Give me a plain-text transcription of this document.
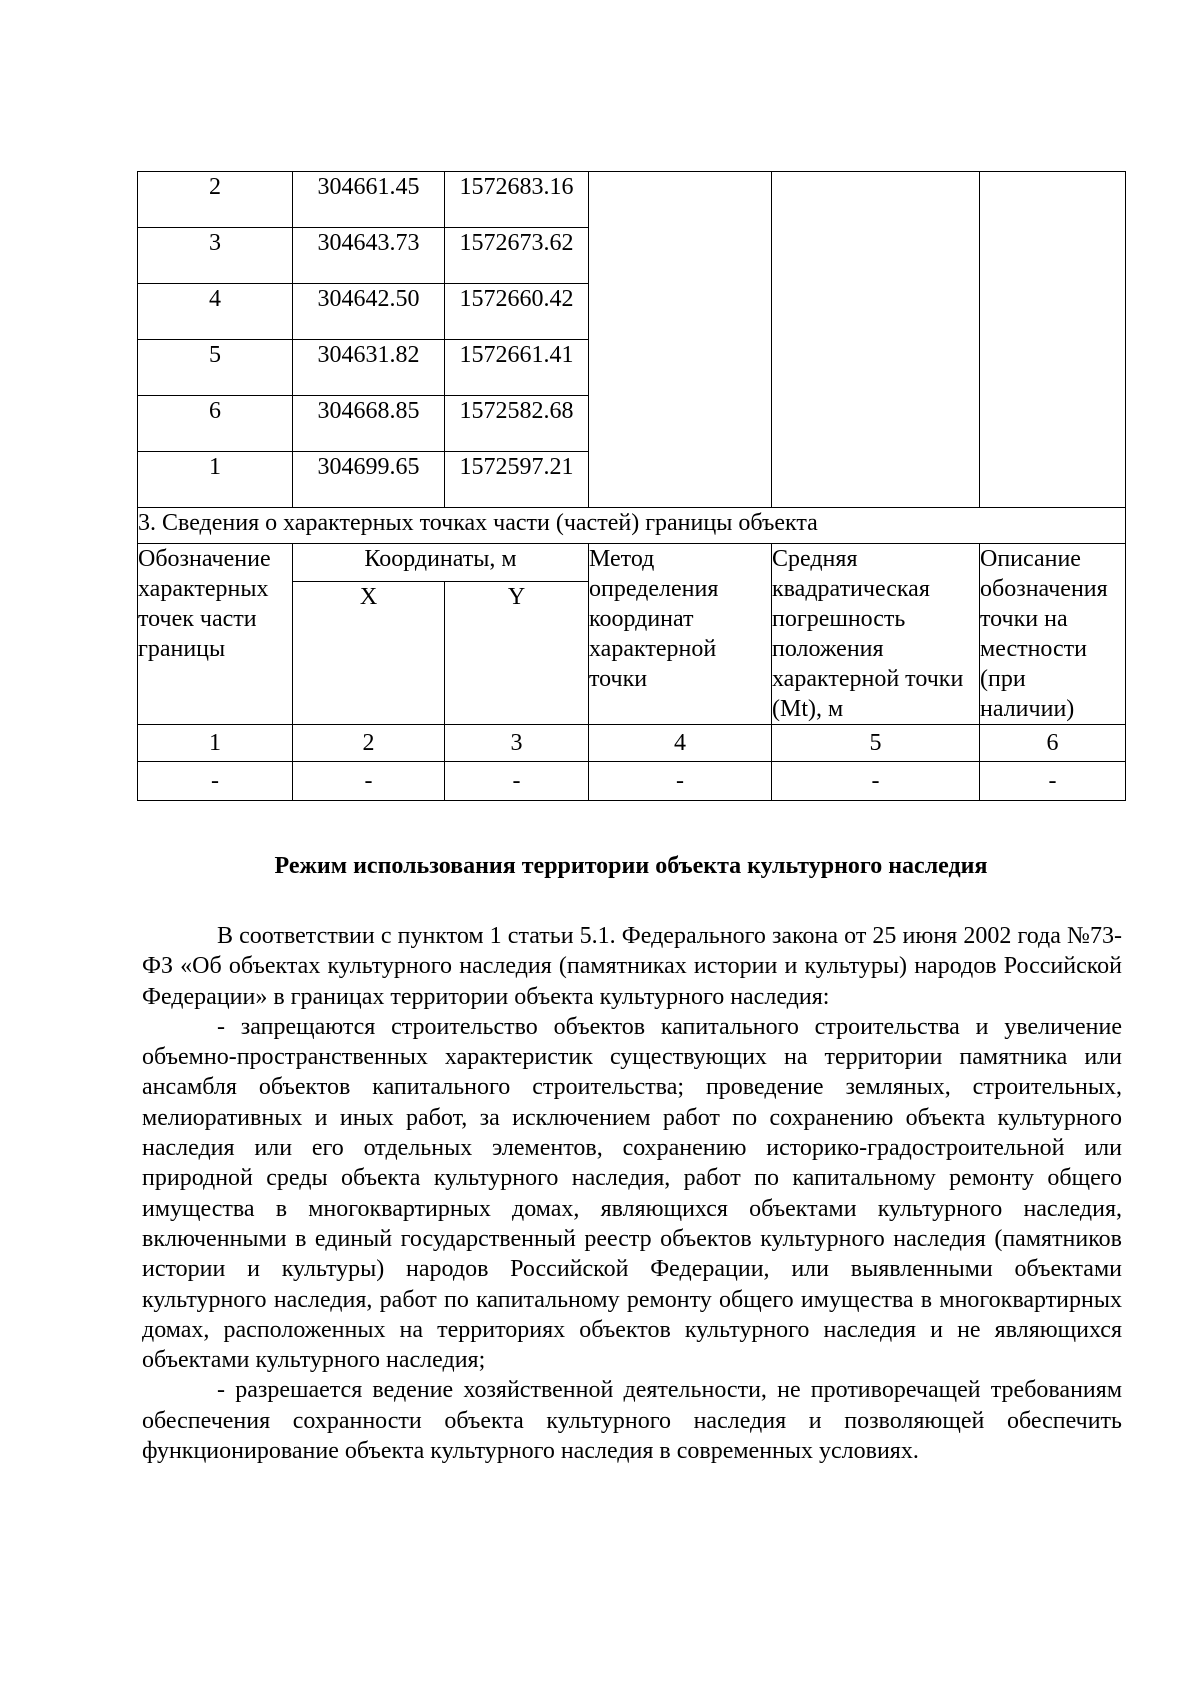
2	304661.45	1572683.16			
3	304643.73	1572673.62			
4	304642.50	1572660.42			
5	304631.82	1572661.41			
6	304668.85	1572582.68			
1	304699.65	1572597.21			
3. Сведения о характерных точках части (частей) границы объекта					
Обозначение характерных точек части границы	Координаты, м		Метод определения координат характерной точки	Средняя квадратическая погрешность положения характерной точки (Mt), м	Описание обозначения точки на местности (при наличии)
	X	Y			
1	2	3	4	5	6
-	-	-	-	-	-
Режим использования территории объекта культурного наследия

В соответствии с пунктом 1 статьи 5.1. Федерального закона от 25 июня 2002 года №73-ФЗ «Об объектах культурного наследия (памятниках истории и культуры) народов Российской Федерации» в границах территории объекта культурного наследия:

- запрещаются строительство объектов капитального строительства и увеличение объемно-пространственных характеристик существующих на территории памятника или ансамбля объектов капитального строительства; проведение земляных, строительных, мелиоративных и иных работ, за исключением работ по сохранению объекта культурного наследия или его отдельных элементов, сохранению историко-градостроительной или природной среды объекта культурного наследия, работ по капитальному ремонту общего имущества в многоквартирных домах, являющихся объектами культурного наследия, включенными в единый государственный реестр объектов культурного наследия (памятников истории и культуры) народов Российской Федерации, или выявленными объектами культурного наследия, работ по капитальному ремонту общего имущества в многоквартирных домах, расположенных на территориях объектов культурного наследия и не являющихся объектами культурного наследия;

- разрешается ведение хозяйственной деятельности, не противоречащей требованиям обеспечения сохранности объекта культурного наследия и позволяющей обеспечить функционирование объекта культурного наследия в современных условиях.
